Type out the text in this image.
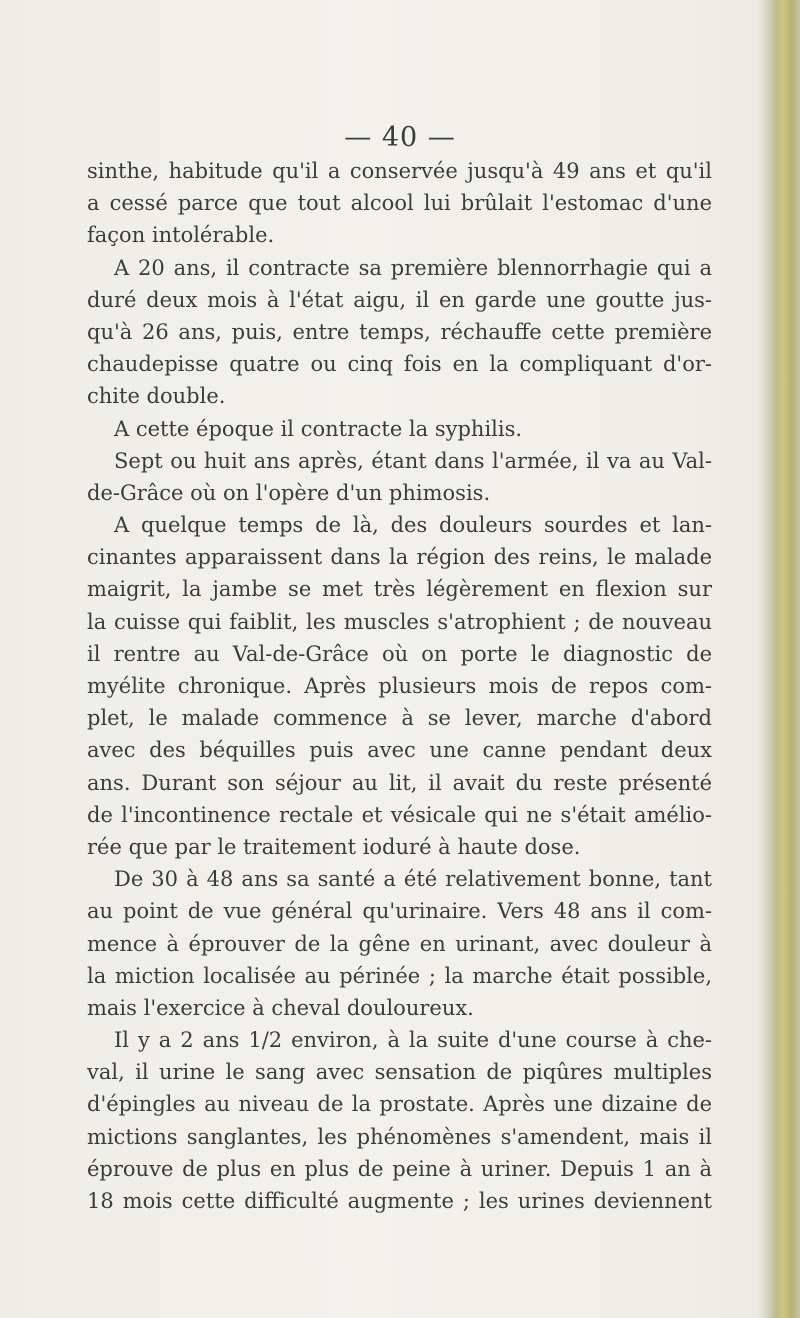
— 40 —
sinthe, habitude qu'il a conservée jusqu'à 49 ans et qu'il
a cessé parce que tout alcool lui brûlait l'estomac d'une
façon intolérable.
A 20 ans, il contracte sa première blennorrhagie qui a
duré deux mois à l'état aigu, il en garde une goutte jus-
qu'à 26 ans, puis, entre temps, réchauffe cette première
chaudepisse quatre ou cinq fois en la compliquant d'or-
chite double.
A cette époque il contracte la syphilis.
Sept ou huit ans après, étant dans l'armée, il va au Val-
de-Grâce où on l'opère d'un phimosis.
A quelque temps de là, des douleurs sourdes et lan-
cinantes apparaissent dans la région des reins, le malade
maigrit, la jambe se met très légèrement en flexion sur
la cuisse qui faiblit, les muscles s'atrophient ; de nouveau
il rentre au Val-de-Grâce où on porte le diagnostic de
myélite chronique. Après plusieurs mois de repos com-
plet, le malade commence à se lever, marche d'abord
avec des béquilles puis avec une canne pendant deux
ans. Durant son séjour au lit, il avait du reste présenté
de l'incontinence rectale et vésicale qui ne s'était amélio-
rée que par le traitement ioduré à haute dose.
De 30 à 48 ans sa santé a été relativement bonne, tant
au point de vue général qu'urinaire. Vers 48 ans il com-
mence à éprouver de la gêne en urinant, avec douleur à
la miction localisée au périnée ; la marche était possible,
mais l'exercice à cheval douloureux.
Il y a 2 ans 1/2 environ, à la suite d'une course à che-
val, il urine le sang avec sensation de piqûres multiples
d'épingles au niveau de la prostate. Après une dizaine de
mictions sanglantes, les phénomènes s'amendent, mais il
éprouve de plus en plus de peine à uriner. Depuis 1 an à
18 mois cette difficulté augmente ; les urines deviennent
